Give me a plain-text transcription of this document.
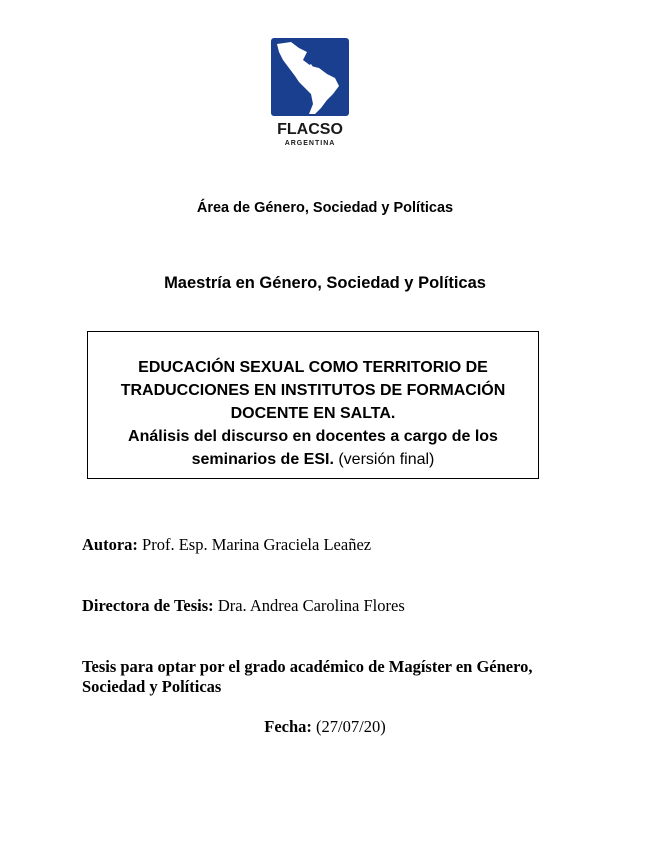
FLACSO
ARGENTINA
Área de Género, Sociedad y Políticas
Maestría en Género, Sociedad y Políticas
EDUCACIÓN SEXUAL COMO TERRITORIO DE
TRADUCCIONES EN INSTITUTOS DE FORMACIÓN
DOCENTE EN SALTA.
Análisis del discurso en docentes a cargo de los
seminarios de ESI. (versión final)
Autora: Prof. Esp. Marina Graciela Leañez
Directora de Tesis: Dra. Andrea Carolina Flores
Tesis para optar por el grado académico de Magíster en Género, Sociedad y Políticas
Fecha: (27/07/20)
